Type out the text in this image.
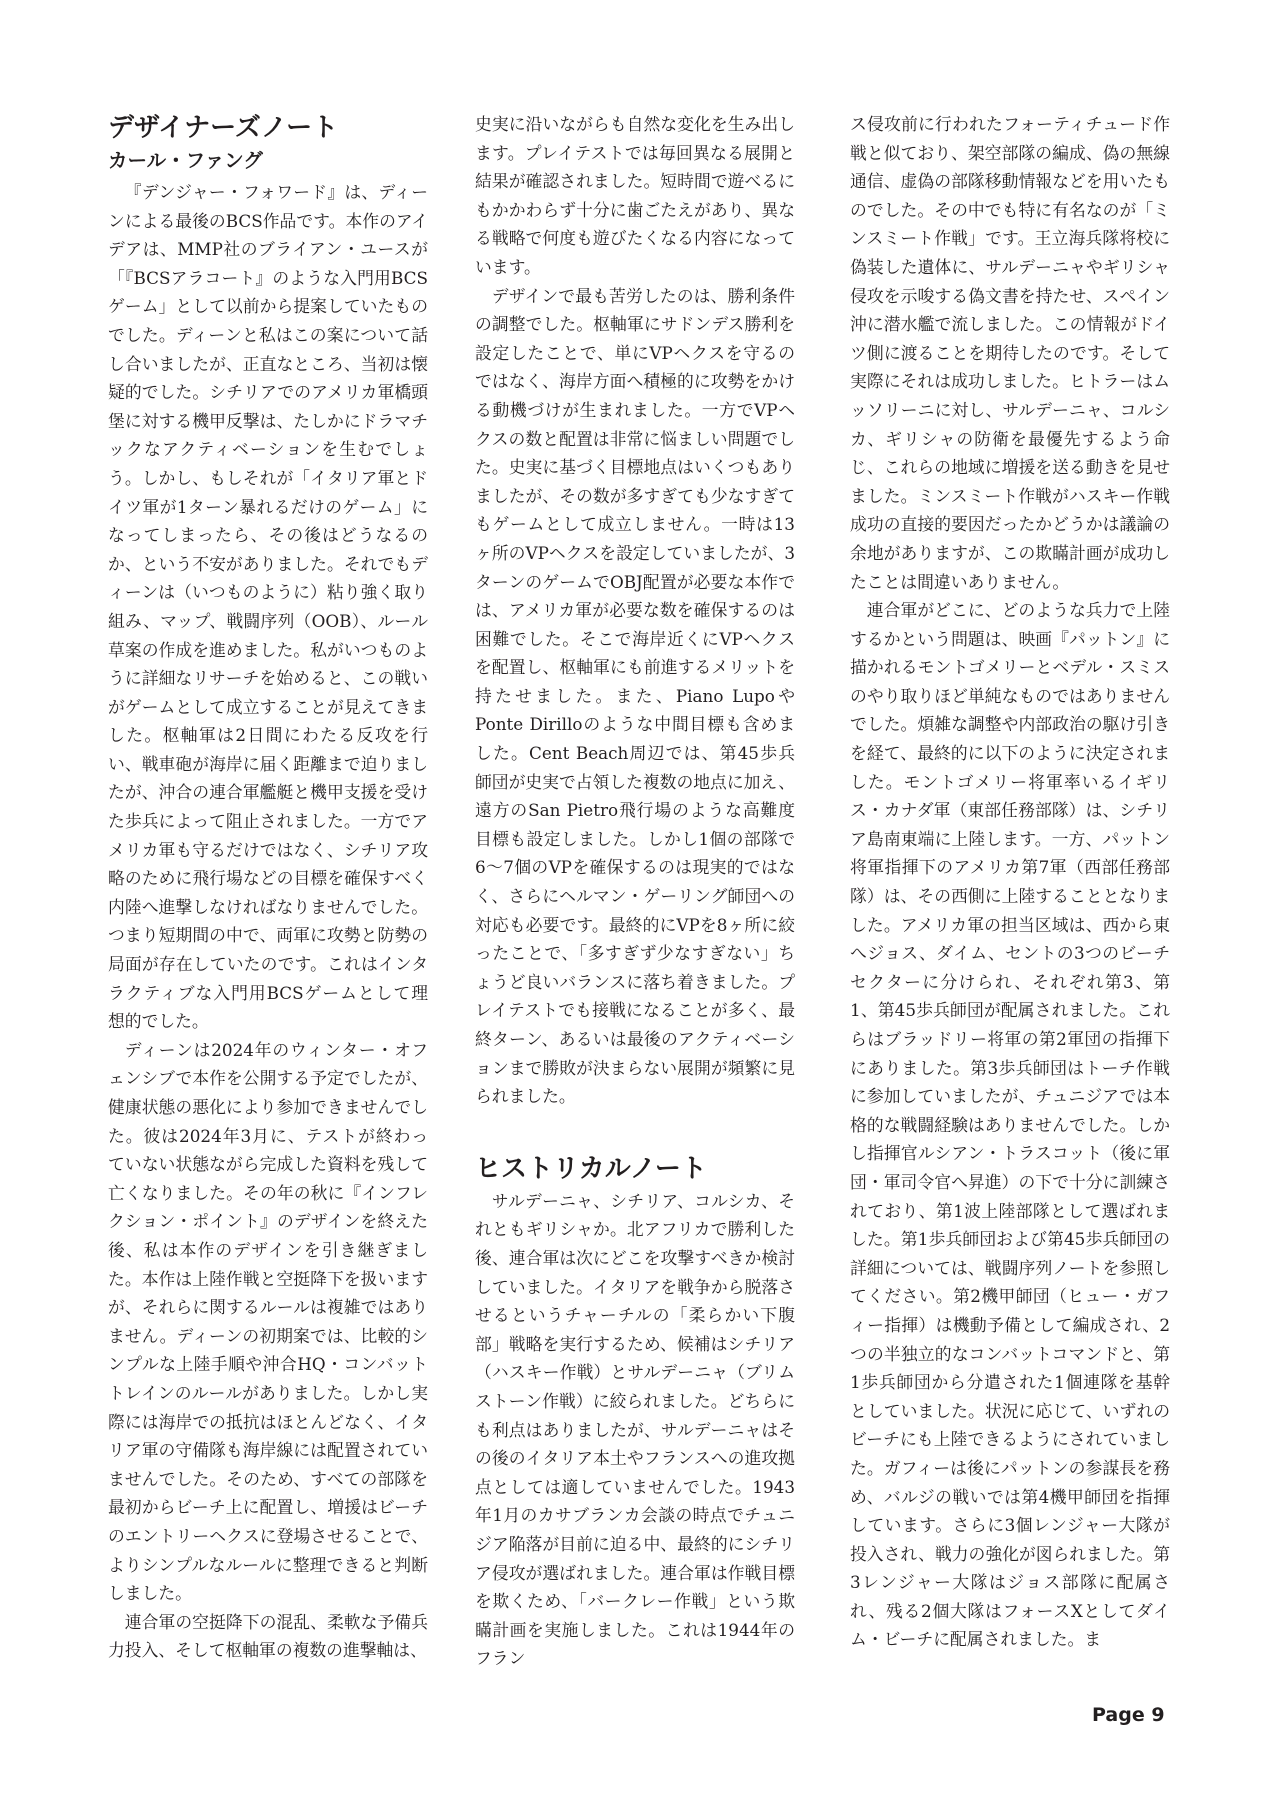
デザイナーズノート
カール・ファング

『デンジャー・フォワード』は、ディーンによる最後のBCS作品です。本作のアイデアは、MMP社のブライアン・ユースが「『BCSアラコート』のような入門用BCSゲーム」として以前から提案していたものでした。ディーンと私はこの案について話し合いましたが、正直なところ、当初は懐疑的でした。シチリアでのアメリカ軍橋頭堡に対する機甲反撃は、たしかにドラマチックなアクティベーションを生むでしょう。しかし、もしそれが「イタリア軍とドイツ軍が1ターン暴れるだけのゲーム」になってしまったら、その後はどうなるのか、という不安がありました。それでもディーンは（いつものように）粘り強く取り組み、マップ、戦闘序列（OOB）、ルール草案の作成を進めました。私がいつものように詳細なリサーチを始めると、この戦いがゲームとして成立することが見えてきました。枢軸軍は2日間にわたる反攻を行い、戦車砲が海岸に届く距離まで迫りましたが、沖合の連合軍艦艇と機甲支援を受けた歩兵によって阻止されました。一方でアメリカ軍も守るだけではなく、シチリア攻略のために飛行場などの目標を確保すべく内陸へ進撃しなければなりませんでした。つまり短期間の中で、両軍に攻勢と防勢の局面が存在していたのです。これはインタラクティブな入門用BCSゲームとして理想的でした。

ディーンは2024年のウィンター・オフェンシブで本作を公開する予定でしたが、健康状態の悪化により参加できませんでした。彼は2024年3月に、テストが終わっていない状態ながら完成した資料を残して亡くなりました。その年の秋に『インフレクション・ポイント』のデザインを終えた後、私は本作のデザインを引き継ぎました。本作は上陸作戦と空挺降下を扱いますが、それらに関するルールは複雑ではありません。ディーンの初期案では、比較的シンプルな上陸手順や沖合HQ・コンバットトレインのルールがありました。しかし実際には海岸での抵抗はほとんどなく、イタリア軍の守備隊も海岸線には配置されていませんでした。そのため、すべての部隊を最初からビーチ上に配置し、増援はビーチのエントリーヘクスに登場させることで、よりシンプルなルールに整理できると判断しました。

連合軍の空挺降下の混乱、柔軟な予備兵力投入、そして枢軸軍の複数の進撃軸は、

史実に沿いながらも自然な変化を生み出します。プレイテストでは毎回異なる展開と結果が確認されました。短時間で遊べるにもかかわらず十分に歯ごたえがあり、異なる戦略で何度も遊びたくなる内容になっています。

デザインで最も苦労したのは、勝利条件の調整でした。枢軸軍にサドンデス勝利を設定したことで、単にVPヘクスを守るのではなく、海岸方面へ積極的に攻勢をかける動機づけが生まれました。一方でVPヘクスの数と配置は非常に悩ましい問題でした。史実に基づく目標地点はいくつもありましたが、その数が多すぎても少なすぎてもゲームとして成立しません。一時は13ヶ所のVPヘクスを設定していましたが、3ターンのゲームでOBJ配置が必要な本作では、アメリカ軍が必要な数を確保するのは困難でした。そこで海岸近くにVPヘクスを配置し、枢軸軍にも前進するメリットを持たせました。また、Piano LupoやPonte Dirilloのような中間目標も含めました。Cent Beach周辺では、第45歩兵師団が史実で占領した複数の地点に加え、遠方のSan Pietro飛行場のような高難度目標も設定しました。しかし1個の部隊で6～7個のVPを確保するのは現実的ではなく、さらにヘルマン・ゲーリング師団への対応も必要です。最終的にVPを8ヶ所に絞ったことで、「多すぎず少なすぎない」ちょうど良いバランスに落ち着きました。プレイテストでも接戦になることが多く、最終ターン、あるいは最後のアクティベーションまで勝敗が決まらない展開が頻繁に見られました。

ヒストリカルノート

サルデーニャ、シチリア、コルシカ、それともギリシャか。北アフリカで勝利した後、連合軍は次にどこを攻撃すべきか検討していました。イタリアを戦争から脱落させるというチャーチルの「柔らかい下腹部」戦略を実行するため、候補はシチリア（ハスキー作戦）とサルデーニャ（ブリムストーン作戦）に絞られました。どちらにも利点はありましたが、サルデーニャはその後のイタリア本土やフランスへの進攻拠点としては適していませんでした。1943年1月のカサブランカ会談の時点でチュニジア陥落が目前に迫る中、最終的にシチリア侵攻が選ばれました。連合軍は作戦目標を欺くため、「バークレー作戦」という欺瞞計画を実施しました。これは1944年のフラン

ス侵攻前に行われたフォーティチュード作戦と似ており、架空部隊の編成、偽の無線通信、虚偽の部隊移動情報などを用いたものでした。その中でも特に有名なのが「ミンスミート作戦」です。王立海兵隊将校に偽装した遺体に、サルデーニャやギリシャ侵攻を示唆する偽文書を持たせ、スペイン沖に潜水艦で流しました。この情報がドイツ側に渡ることを期待したのです。そして実際にそれは成功しました。ヒトラーはムッソリーニに対し、サルデーニャ、コルシカ、ギリシャの防衛を最優先するよう命じ、これらの地域に増援を送る動きを見せました。ミンスミート作戦がハスキー作戦成功の直接的要因だったかどうかは議論の余地がありますが、この欺瞞計画が成功したことは間違いありません。

連合軍がどこに、どのような兵力で上陸するかという問題は、映画『パットン』に描かれるモントゴメリーとベデル・スミスのやり取りほど単純なものではありませんでした。煩雑な調整や内部政治の駆け引きを経て、最終的に以下のように決定されました。モントゴメリー将軍率いるイギリス・カナダ軍（東部任務部隊）は、シチリア島南東端に上陸します。一方、パットン将軍指揮下のアメリカ第7軍（西部任務部隊）は、その西側に上陸することとなりました。アメリカ軍の担当区域は、西から東へジョス、ダイム、セントの3つのビーチセクターに分けられ、それぞれ第3、第1、第45歩兵師団が配属されました。これらはブラッドリー将軍の第2軍団の指揮下にありました。第3歩兵師団はトーチ作戦に参加していましたが、チュニジアでは本格的な戦闘経験はありませんでした。しかし指揮官ルシアン・トラスコット（後に軍団・軍司令官へ昇進）の下で十分に訓練されており、第1波上陸部隊として選ばれました。第1歩兵師団および第45歩兵師団の詳細については、戦闘序列ノートを参照してください。第2機甲師団（ヒュー・ガフィー指揮）は機動予備として編成され、2つの半独立的なコンバットコマンドと、第1歩兵師団から分遣された1個連隊を基幹としていました。状況に応じて、いずれのビーチにも上陸できるようにされていました。ガフィーは後にパットンの参謀長を務め、バルジの戦いでは第4機甲師団を指揮しています。さらに3個レンジャー大隊が投入され、戦力の強化が図られました。第3レンジャー大隊はジョス部隊に配属され、残る2個大隊はフォースXとしてダイム・ビーチに配属されました。ま

Page 9
